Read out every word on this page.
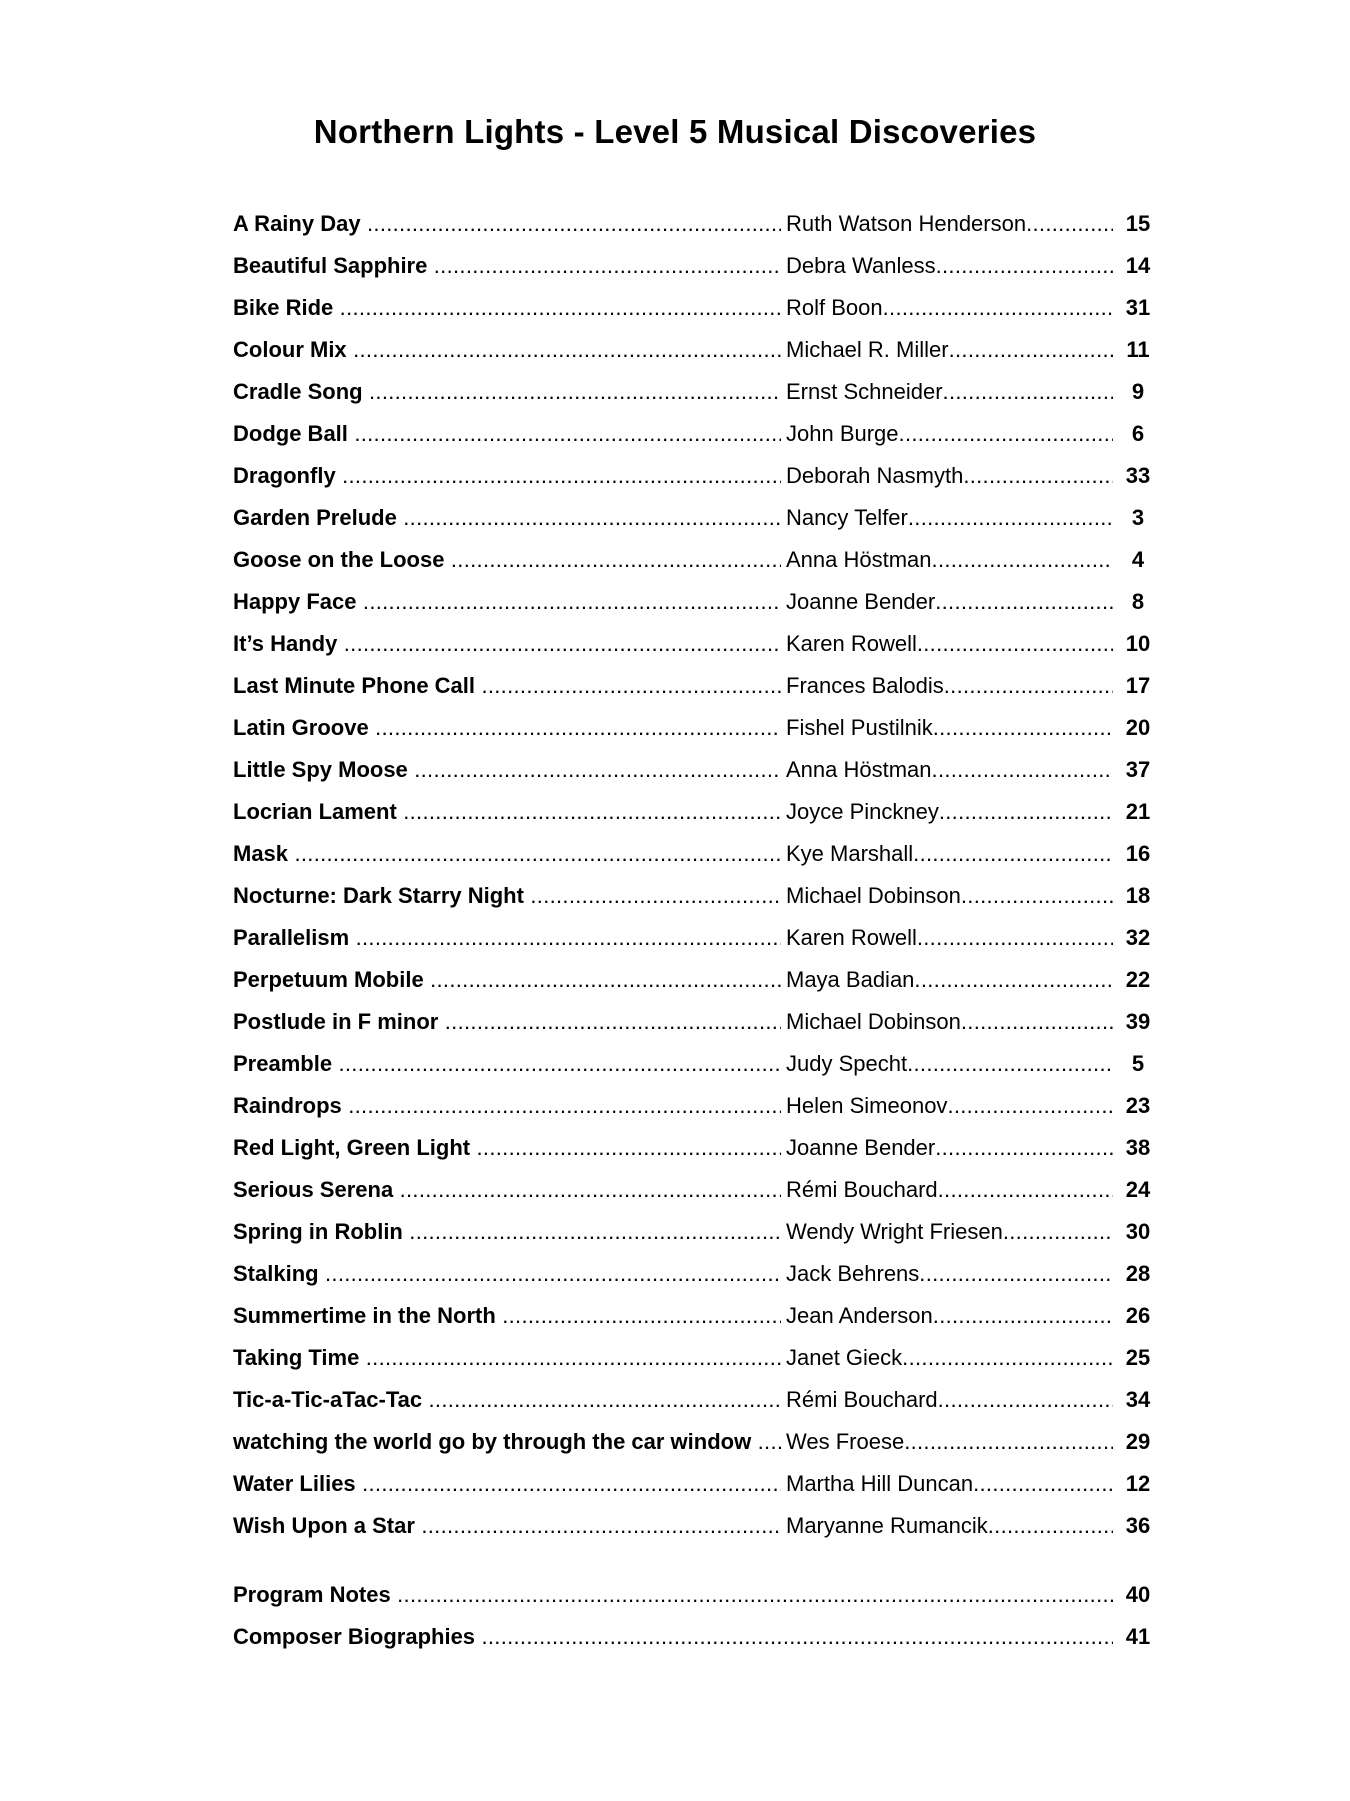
Northern Lights - Level 5 Musical Discoveries
A Rainy Day .....	Ruth Watson Henderson .....	15
Beautiful Sapphire .....	Debra Wanless .....	14
Bike Ride .....	Rolf Boon .....	31
Colour Mix .....	Michael R. Miller .....	11
Cradle Song .....	Ernst Schneider .....	9
Dodge Ball .....	John Burge .....	6
Dragonfly .....	Deborah Nasmyth .....	33
Garden Prelude .....	Nancy Telfer .....	3
Goose on the Loose .....	Anna Höstman .....	4
Happy Face .....	Joanne Bender .....	8
It’s Handy .....	Karen Rowell .....	10
Last Minute Phone Call .....	Frances Balodis .....	17
Latin Groove .....	Fishel Pustilnik .....	20
Little Spy Moose .....	Anna Höstman .....	37
Locrian Lament .....	Joyce Pinckney .....	21
Mask .....	Kye Marshall .....	16
Nocturne: Dark Starry Night .....	Michael Dobinson .....	18
Parallelism .....	Karen Rowell .....	32
Perpetuum Mobile .....	Maya Badian .....	22
Postlude in F minor .....	Michael Dobinson .....	39
Preamble .....	Judy Specht .....	5
Raindrops .....	Helen Simeonov .....	23
Red Light, Green Light .....	Joanne Bender .....	38
Serious Serena .....	Rémi Bouchard .....	24
Spring in Roblin .....	Wendy Wright Friesen .....	30
Stalking .....	Jack Behrens .....	28
Summertime in the North .....	Jean Anderson .....	26
Taking Time .....	Janet Gieck .....	25
Tic-a-Tic-aTac-Tac .....	Rémi Bouchard .....	34
watching the world go by through the car window .....	Wes Froese .....	29
Water Lilies .....	Martha Hill Duncan .....	12
Wish Upon a Star .....	Maryanne Rumancik .....	36
Program Notes .....	40
Composer Biographies .....	41
